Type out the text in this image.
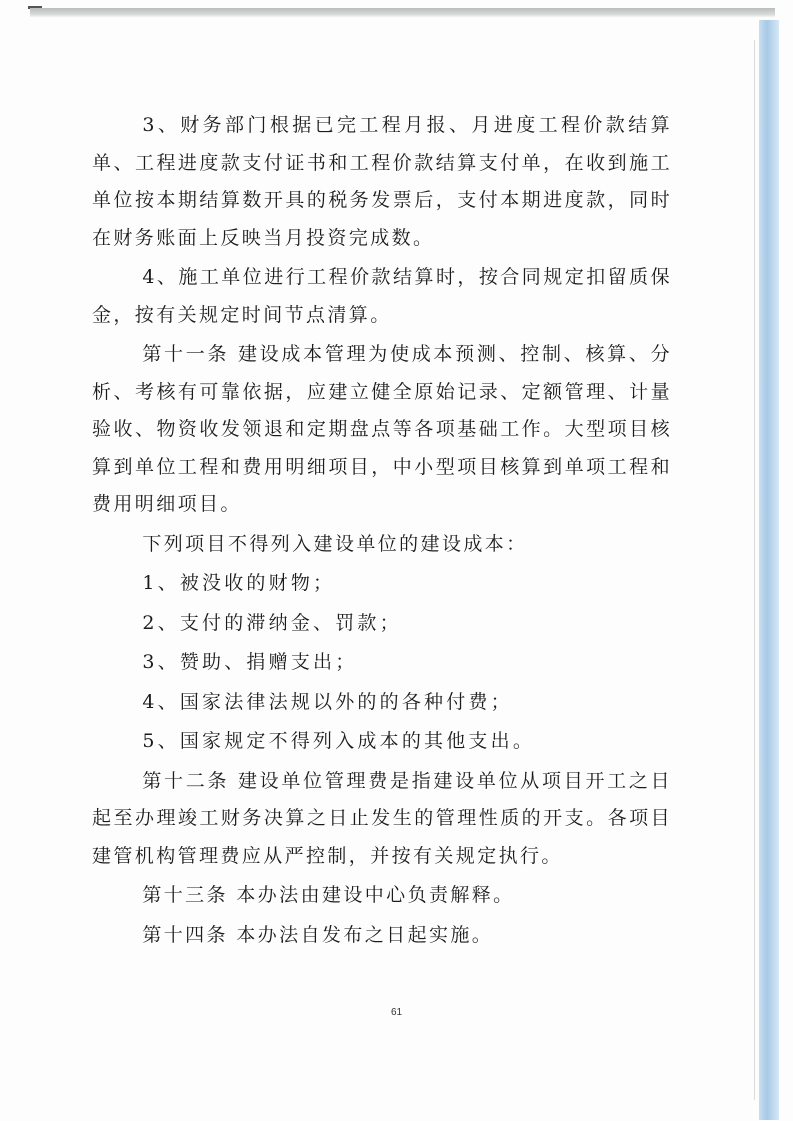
3、财务部门根据已完工程月报、月进度工程价款结算单、工程进度款支付证书和工程价款结算支付单，在收到施工单位按本期结算数开具的税务发票后，支付本期进度款，同时在财务账面上反映当月投资完成数。

4、施工单位进行工程价款结算时，按合同规定扣留质保金，按有关规定时间节点清算。

第十一条 建设成本管理为使成本预测、控制、核算、分析、考核有可靠依据，应建立健全原始记录、定额管理、计量验收、物资收发领退和定期盘点等各项基础工作。大型项目核算到单位工程和费用明细项目，中小型项目核算到单项工程和费用明细项目。

下列项目不得列入建设单位的建设成本：

1、被没收的财物；

2、支付的滞纳金、罚款；

3、赞助、捐赠支出；

4、国家法律法规以外的的各种付费；

5、国家规定不得列入成本的其他支出。

第十二条 建设单位管理费是指建设单位从项目开工之日起至办理竣工财务决算之日止发生的管理性质的开支。各项目建管机构管理费应从严控制，并按有关规定执行。

第十三条 本办法由建设中心负责解释。

第十四条 本办法自发布之日起实施。

61
